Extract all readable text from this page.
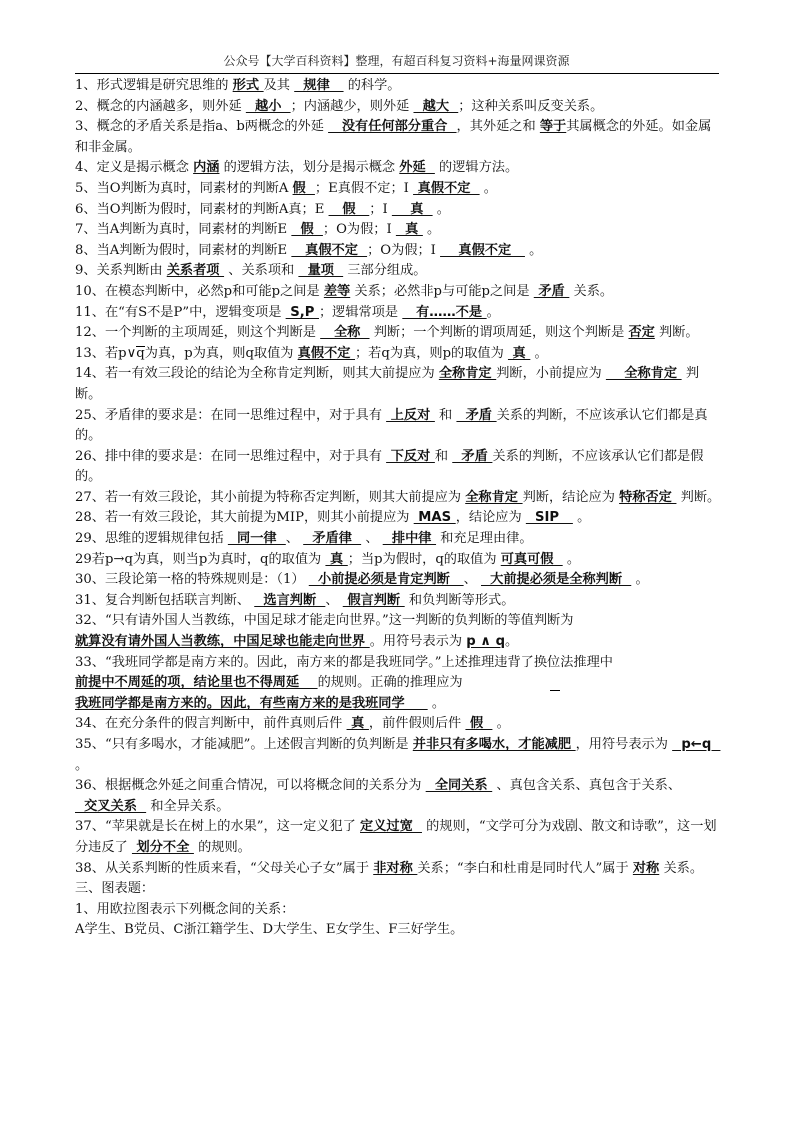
公众号【大学百科资料】整理，有超百科复习资料+海量网课资源

1、形式逻辑是研究思维的 形式 及其   规律    的科学。

2、概念的内涵越多，则外延   越小  ；内涵越少，则外延   越大  ；这种关系叫反变关系。

3、概念的矛盾关系是指a、b两概念的外延    没有任何部分重合  ，其外延之和 等于其属概念的外延。如金属和非金属。

4、定义是揭示概念 内涵 的逻辑方法，划分是揭示概念 外延   的逻辑方法。

5、当O判断为真时，同素材的判断A 假  ；E真假不定；I  真假不定   。

6、当O判断为假时，同素材的判断A真；E    假   ；I     真   。

7、当A判断为真时，同素材的判断E   假  ；O为假；I   真  。

8、当A判断为假时，同素材的判断E    真假不定  ；O为假；I     真假不定    。

9、关系判断由 关系者项  、关系项和   量项   三部分组成。

10、在模态判断中，必然p和可能p之间是 差等 关系；必然非p与可能p之间是  矛盾  关系。

11、在“有S不是P”中，逻辑变项是  S,P ；逻辑常项是    有……不是 。

12、一个判断的主项周延，则这个判断是    全称   判断；一个判断的谓项周延，则这个判断是 否定 判断。

13、若p∨q为真，p为真，则q取值为 真假不定 ；若q为真，则p的取值为  真  。

14、若一有效三段论的结论为全称肯定判断，则其大前提应为 全称肯定 判断，小前提应为     全称肯定  判断。

25、矛盾律的要求是：在同一思维过程中，对于具有  上反对  和   矛盾 关系的判断，不应该承认它们都是真的。

26、排中律的要求是：在同一思维过程中，对于具有  下反对 和   矛盾 关系的判断，不应该承认它们都是假的。

27、若一有效三段论，其小前提为特称否定判断，则其大前提应为 全称肯定 判断，结论应为 特称否定  判断。

28、若一有效三段论，其大前提为MIP，则其小前提应为  MAS ，结论应为   SIP    。

29、思维的逻辑规律包括   同一律  、   矛盾律   、   排中律  和充足理由律。

29若p→q为真，则当p为真时，q的取值为  真 ；当p为假时，q的取值为 可真可假   。

30、三段论第一格的特殊规则是：（1）   小前提必须是肯定判断   、   大前提必须是全称判断   。

31、复合判断包括联言判断、   选言判断  、  假言判断  和负判断等形式。

32、“只有请外国人当教练，中国足球才能走向世界。”这一判断的负判断的等值判断为 就算没有请外国人当教练，中国足球也能走向世界 。用符号表示为 p ∧ q。

33、“我班同学都是南方来的。因此，南方来的都是我班同学。”上述推理违背了换位法推理中 前提中不周延的项，结论里也不得周延    的规则。正确的推理应为 我班同学都是南方来的。因此，有些南方来的是我班同学      。

34、在充分条件的假言判断中，前件真则后件  真 ，前件假则后件  假   。

35、“只有多喝水，才能减肥”。上述假言判断的负判断是 并非只有多喝水，才能减肥 ，用符号表示为   p←q   。

36、根据概念外延之间重合情况，可以将概念间的关系分为   全同关系  、真包含关系、真包含于关系、   交叉关系   和全异关系。

37、“苹果就是长在树上的水果”，这一定义犯了 定义过宽   的规则，“文学可分为戏剧、散文和诗歌”，这一划分违反了  划分不全  的规则。

38、从关系判断的性质来看，“父母关心子女”属于 非对称 关系；“李白和杜甫是同时代人”属于 对称 关系。

三、图表题：

1、用欧拉图表示下列概念间的关系：

A学生、B党员、C浙江籍学生、D大学生、E女学生、F三好学生。
